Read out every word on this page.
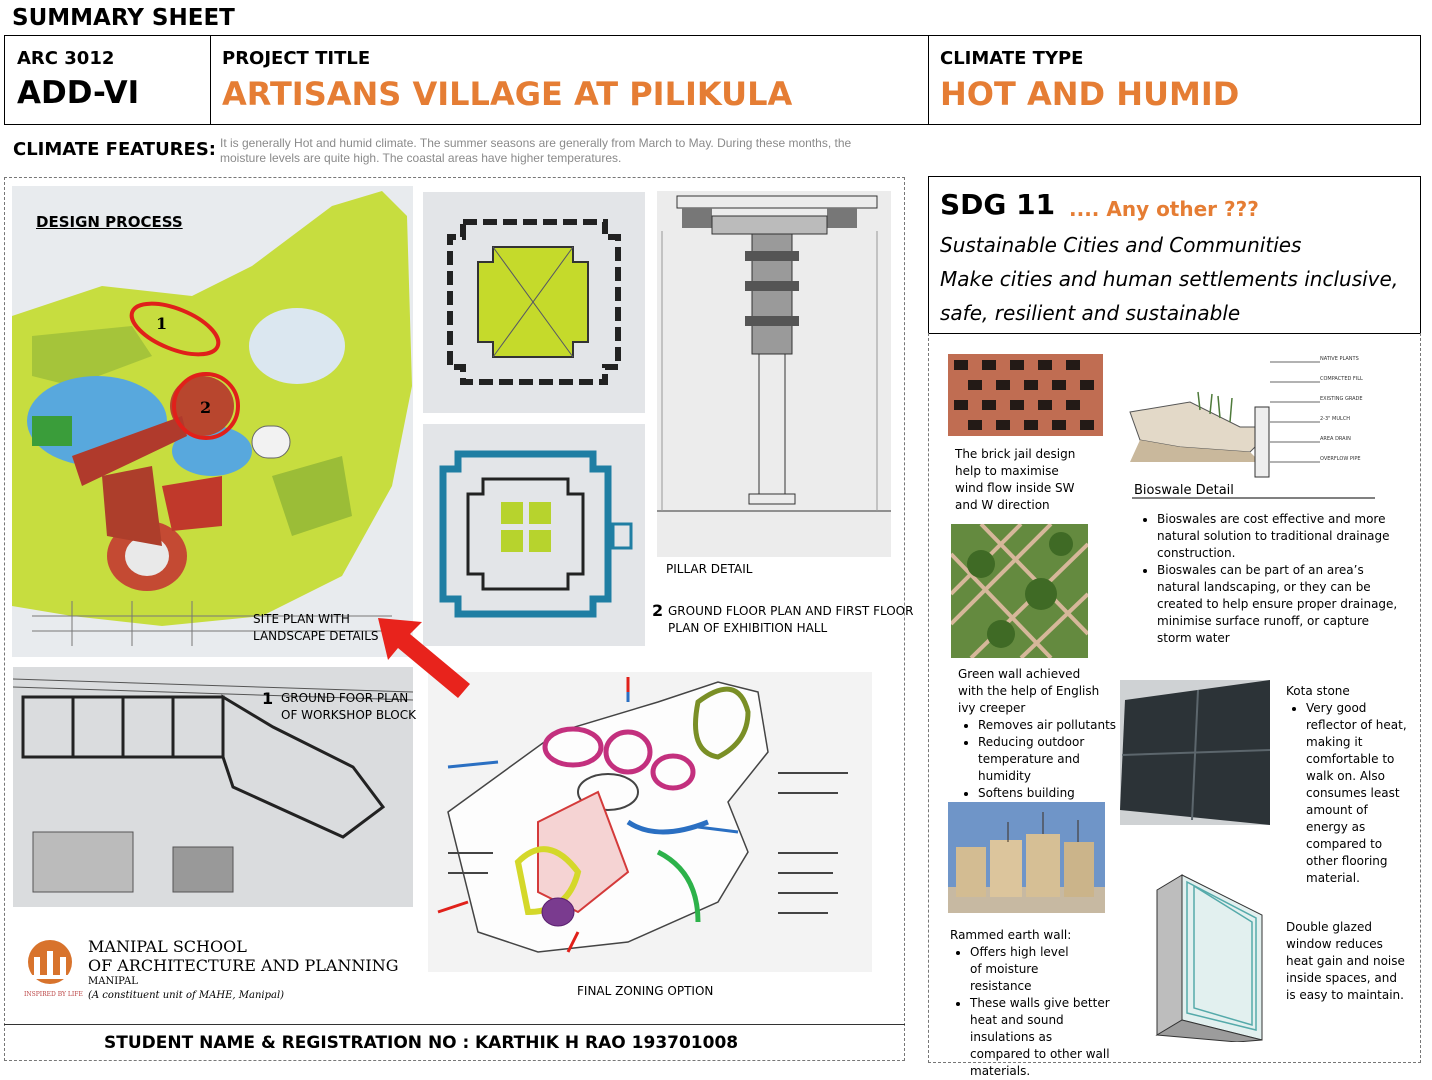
SUMMARY SHEET
ARC 3012
ADD-VI
PROJECT TITLE
ARTISANS VILLAGE AT PILIKULA
CLIMATE TYPE
HOT AND HUMID
CLIMATE FEATURES: It is generally Hot and humid climate. The summer seasons are generally from March to May. During these months, the moisture levels are quite high. The coastal areas have higher temperatures.
DESIGN PROCESS
1
2
SITE PLAN WITH
LANDSCAPE DETAILS
PILLAR DETAIL
2 GROUND FLOOR PLAN AND FIRST FLOOR
PLAN OF EXHIBITION HALL
1 GROUND FOOR PLAN
OF WORKSHOP BLOCK
FINAL ZONING OPTION
INSPIRED BY LIFE
MANIPAL SCHOOL
OF ARCHITECTURE AND PLANNING
MANIPAL
(A constituent unit of MAHE, Manipal)
STUDENT NAME & REGISTRATION NO : KARTHIK H RAO 193701008
SDG 11 .... Any other ???
Sustainable Cities and Communities
Make cities and human settlements inclusive,
safe, resilient and sustainable
The brick jail design help to maximise wind flow inside SW and W direction
NATIVE PLANTS
COMPACTED FILL
EXISTING GRADE
2-3" MULCH
AREA DRAIN
OVERFLOW PIPE
Bioswale Detail
• Bioswales are cost effective and more natural solution to traditional drainage construction.
• Bioswales can be part of an area’s natural landscaping, or they can be created to help ensure proper drainage, minimise surface runoff, or capture storm water
Green wall achieved with the help of English ivy creeper
• Removes air pollutants
• Reducing outdoor temperature and humidity
• Softens building
Kota stone
• Very good reflector of heat, making it comfortable to walk on. Also consumes least amount of energy as compared to other flooring material.
Rammed earth wall:
• Offers high level of moisture resistance
• These walls give better heat and sound insulations as compared to other wall materials.
Double glazed window reduces heat gain and noise inside spaces, and is easy to maintain.
